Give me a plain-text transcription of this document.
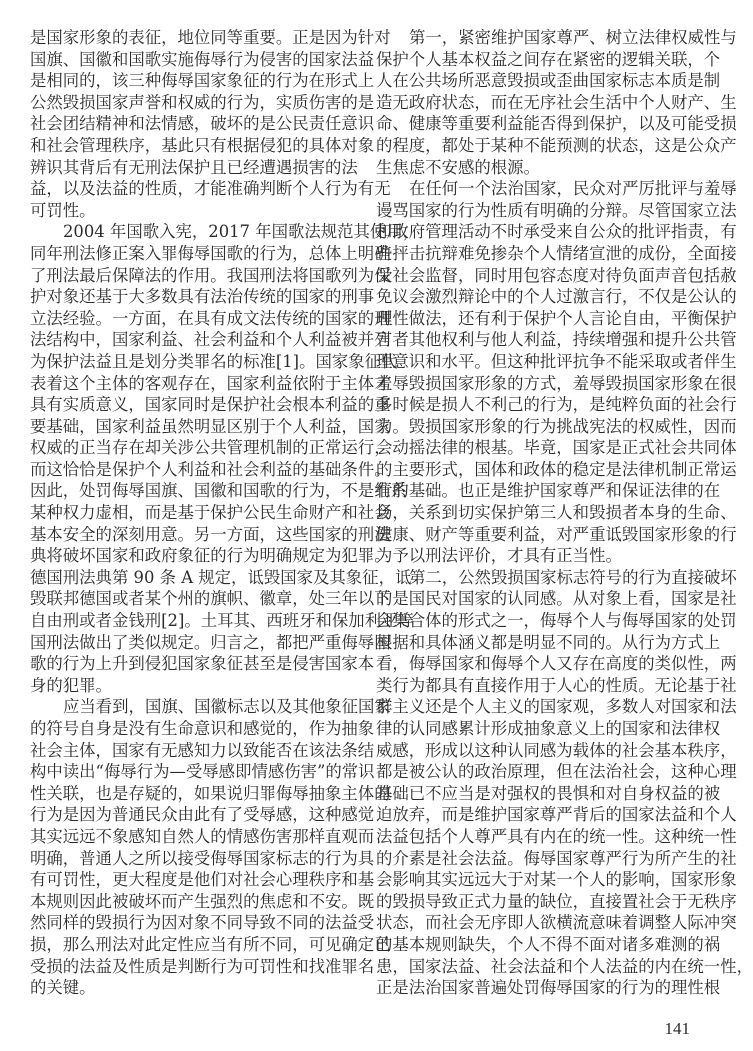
是国家形象的表征，地位同等重要。正是因为针对
国旗、国徽和国歌实施侮辱行为侵害的国家法益
是相同的，该三种侮辱国家象征的行为在形式上
公然毁损国家声誉和权威的行为，实质伤害的是
社会团结精神和法情感，破坏的是公民责任意识
和社会管理秩序，基此只有根据侵犯的具体对象
辨识其背后有无刑法保护且已经遭遇损害的法
益，以及法益的性质，才能准确判断个人行为有无
可罚性。
2004 年国歌入宪，2017 年国歌法规范其使用，
同年刑法修正案入罪侮辱国歌的行为，总体上明确
了刑法最后保障法的作用。我国刑法将国歌列为保
护对象还基于大多数具有法治传统的国家的刑事
立法经验。一方面，在具有成文法传统的国家的刑
法结构中，国家利益、社会利益和个人利益被并列
为保护法益且是划分类罪名的标准[1]。国家象征代
表着这个主体的客观存在，国家利益依附于主体才
具有实质意义，国家同时是保护社会根本利益的重
要基础，国家利益虽然明显区别于个人利益，国家
权威的正当存在却关涉公共管理机制的正常运行，
而这恰恰是保护个人利益和社会利益的基础条件。
因此，处罚侮辱国旗、国徽和国歌的行为，不是维系
某种权力虚相，而是基于保护公民生命财产和社会
基本安全的深刻用意。另一方面，这些国家的刑法
典将破坏国家和政府象征的行为明确规定为犯罪。
德国刑法典第 90 条 A 规定，诋毁国家及其象征，诋
毁联邦德国或者某个州的旗帜、徽章，处三年以下
自由刑或者金钱刑[2]。土耳其、西班牙和保加利亚等
国刑法做出了类似规定。归言之，都把严重侮辱国
歌的行为上升到侵犯国家象征甚至是侵害国家本
身的犯罪。
应当看到，国旗、国徽标志以及其他象征国家
的符号自身是没有生命意识和感觉的，作为抽象
社会主体，国家有无感知力以致能否在该法条结
构中读出“侮辱行为—受辱感即情感伤害”的常识
性关联，也是存疑的，如果说归罪侮辱抽象主体的
行为是因为普通民众由此有了受辱感，这种感觉
其实远远不象感知自然人的情感伤害那样直观而
明确，普通人之所以接受侮辱国家标志的行为具
有可罚性，更大程度是他们对社会心理秩序和基
本规则因此被破坏而产生强烈的焦虑和不安。既
然同样的毁损行为因对象不同导致不同的法益受
损，那么刑法对此定性应当有所不同，可见确定已
受损的法益及性质是判断行为可罚性和找准罪名
的关键。
第一，紧密维护国家尊严、树立法律权威性与
保护个人基本权益之间存在紧密的逻辑关联，个
人在公共场所恶意毁损或歪曲国家标志本质是制
造无政府状态，而在无序社会生活中个人财产、生
命、健康等重要利益能否得到保护，以及可能受损
的程度，都处于某种不能预测的状态，这是公众产
生焦虑不安感的根源。
在任何一个法治国家，民众对严厉批评与羞辱
谩骂国家的行为性质有明确的分辩。尽管国家立法
和政府管理活动不时承受来自公众的批评指责，有
些抨击抗辩难免掺杂个人情绪宣泄的成份，全面接
受社会监督，同时用包容态度对待负面声音包括赦
免议会激烈辩论中的个人过激言行，不仅是公认的
理性做法，还有利于保护个人言论自由，平衡保护
言者其他权利与他人利益，持续增强和提升公共管
理意识和水平。但这种批评抗争不能采取或者伴生
羞辱毁损国家形象的方式，羞辱毁损国家形象在很
多时候是损人不利己的行为，是纯粹负面的社会行
为。毁损国家形象的行为挑战宪法的权威性，因而
会动摇法律的根基。毕竟，国家是正式社会共同体
的主要形式，国体和政体的稳定是法律机制正常运
行的基础。也正是维护国家尊严和保证法律的在
场，关系到切实保护第三人和毁损者本身的生命、
健康、财产等重要利益，对严重诋毁国家形象的行
为予以刑法评价，才具有正当性。
第二，公然毁损国家标志符号的行为直接破坏
的是国民对国家的认同感。从对象上看，国家是社
会集合体的形式之一，侮辱个人与侮辱国家的处罚
根据和具体涵义都是明显不同的。从行为方式上
看，侮辱国家和侮辱个人又存在高度的类似性，两
类行为都具有直接作用于人心的性质。无论基于社
群主义还是个人主义的国家观，多数人对国家和法
律的认同感累计形成抽象意义上的国家和法律权
威感，形成以这种认同感为载体的社会基本秩序，
都是被公认的政治原理，但在法治社会，这种心理
基础已不应当是对强权的畏惧和对自身权益的被
迫放弃，而是维护国家尊严背后的国家法益和个人
法益包括个人尊严具有内在的统一性。这种统一性
的介素是社会法益。侮辱国家尊严行为所产生的社
会影响其实远远大于对某一个人的影响，国家形象
的毁损导致正式力量的缺位，直接置社会于无秩序
状态，而社会无序即人欲横流意味着调整人际冲突
的基本规则缺失，个人不得不面对诸多难测的祸
患，国家法益、社会法益和个人法益的内在统一性，
正是法治国家普遍处罚侮辱国家的行为的理性根
141
